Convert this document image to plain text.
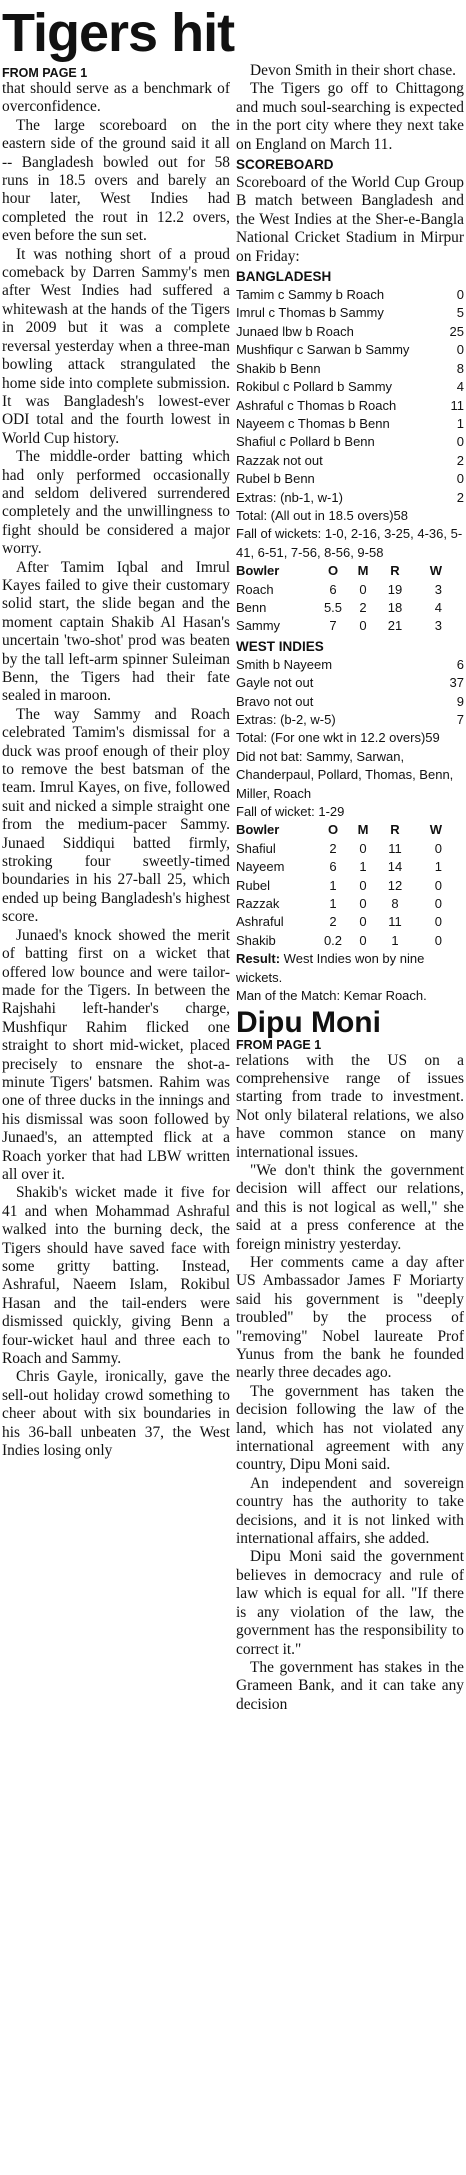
Tigers hit
FROM PAGE 1

that should serve as a benchmark of overconfidence.

The large scoreboard on the eastern side of the ground said it all -- Bangladesh bowled out for 58 runs in 18.5 overs and barely an hour later, West Indies had completed the rout in 12.2 overs, even before the sun set.

It was nothing short of a proud comeback by Darren Sammy's men after West Indies had suffered a whitewash at the hands of the Tigers in 2009 but it was a complete reversal yesterday when a three-man bowling attack strangulated the home side into complete submission. It was Bangladesh's lowest-ever ODI total and the fourth lowest in World Cup history.

The middle-order batting which had only performed occasionally and seldom delivered surrendered completely and the unwillingness to fight should be considered a major worry.

After Tamim Iqbal and Imrul Kayes failed to give their customary solid start, the slide began and the moment captain Shakib Al Hasan's uncertain 'two-shot' prod was beaten by the tall left-arm spinner Suleiman Benn, the Tigers had their fate sealed in maroon.

The way Sammy and Roach celebrated Tamim's dismissal for a duck was proof enough of their ploy to remove the best batsman of the team. Imrul Kayes, on five, followed suit and nicked a simple straight one from the medium-pacer Sammy. Junaed Siddiqui batted firmly, stroking four sweetly-timed boundaries in his 27-ball 25, which ended up being Bangladesh's highest score.

Junaed's knock showed the merit of batting first on a wicket that offered low bounce and were tailor-made for the Tigers. In between the Rajshahi left-hander's charge, Mushfiqur Rahim flicked one straight to short mid-wicket, placed precisely to ensnare the shot-a-minute Tigers' batsmen. Rahim was one of three ducks in the innings and his dismissal was soon followed by Junaed's, an attempted flick at a Roach yorker that had LBW written all over it.

Shakib's wicket made it five for 41 and when Mohammad Ashraful walked into the burning deck, the Tigers should have saved face with some gritty batting. Instead, Ashraful, Naeem Islam, Rokibul Hasan and the tail-enders were dismissed quickly, giving Benn a four-wicket haul and three each to Roach and Sammy.

Chris Gayle, ironically, gave the sell-out holiday crowd something to cheer about with six boundaries in his 36-ball unbeaten 37, the West Indies losing only

Devon Smith in their short chase.

The Tigers go off to Chittagong and much soul-searching is expected in the port city where they next take on England on March 11.

SCOREBOARD

Scoreboard of the World Cup Group B match between Bangladesh and the West Indies at the Sher-e-Bangla National Cricket Stadium in Mirpur on Friday:

BANGLADESH
Tamim c Sammy b Roach	0
Imrul c Thomas b Sammy	5
Junaed lbw b Roach	25
Mushfiqur c Sarwan b Sammy	0
Shakib b Benn	8
Rokibul c Pollard b Sammy	4
Ashraful c Thomas b Roach	11
Nayeem c Thomas b Benn	1
Shafiul c Pollard b Benn	0
Razzak not out	2
Rubel b Benn	0
Extras: (nb-1, w-1)	2
Total: (All out in 18.5 overs)58
Fall of wickets: 1-0, 2-16, 3-25, 4-36, 5-41, 6-51, 7-56, 8-56, 9-58
Bowler	O	M	R	W
Roach	6	0	19	3
Benn	5.5	2	18	4
Sammy	7	0	21	3
WEST INDIES
Smith b Nayeem	6
Gayle not out	37
Bravo not out	9
Extras: (b-2, w-5)	7
Total: (For one wkt in 12.2 overs)59
Did not bat: Sammy, Sarwan, Chanderpaul, Pollard, Thomas, Benn, Miller, Roach
Fall of wicket: 1-29
Bowler	O	M	R	W
Shafiul	2	0	11	0
Nayeem	6	1	14	1
Rubel	1	0	12	0
Razzak	1	0	8	0
Ashraful	2	0	11	0
Shakib	0.2	0	1	0
Result: West Indies won by nine wickets.
Man of the Match: Kemar Roach.
Dipu Moni
FROM PAGE 1

relations with the US on a comprehensive range of issues starting from trade to investment. Not only bilateral relations, we also have common stance on many international issues.

"We don't think the government decision will affect our relations, and this is not logical as well," she said at a press conference at the foreign ministry yesterday.

Her comments came a day after US Ambassador James F Moriarty said his government is "deeply troubled" by the process of "removing" Nobel laureate Prof Yunus from the bank he founded nearly three decades ago.

The government has taken the decision following the law of the land, which has not violated any international agreement with any country, Dipu Moni said.

An independent and sovereign country has the authority to take decisions, and it is not linked with international affairs, she added.

Dipu Moni said the government believes in democracy and rule of law which is equal for all. "If there is any violation of the law, the government has the responsibility to correct it."

The government has stakes in the Grameen Bank, and it can take any decision
